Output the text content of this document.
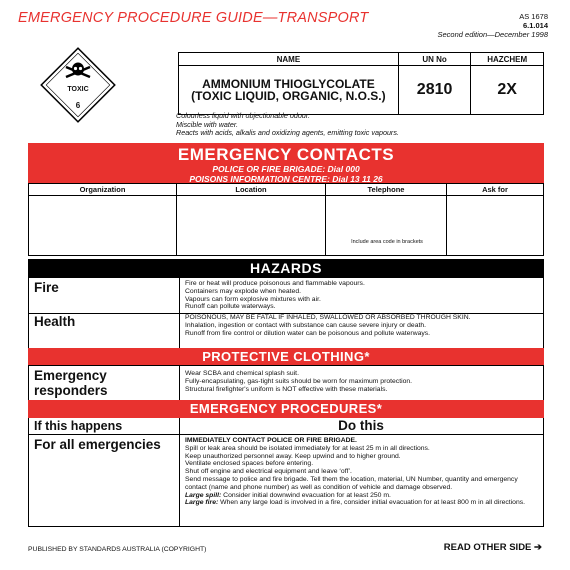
EMERGENCY PROCEDURE GUIDE—TRANSPORT	AS 1678
6.1.014
Second edition—December 1998
TOXIC
6
NAME	UN No	HAZCHEM
AMMONIUM THIOGLYCOLATE (TOXIC LIQUID, ORGANIC, N.O.S.)	2810	2X
Colourless liquid with objectionable odour.
Miscible with water.
Reacts with acids, alkalis and oxidizing agents, emitting toxic vapours.
EMERGENCY CONTACTS
POLICE OR FIRE BRIGADE: Dial 000
POISONS INFORMATION CENTRE: Dial 13 11 26
Organization	Location	Telephone	Ask for
Include area code in brackets
HAZARDS
Fire	Fire or heat will produce poisonous and flammable vapours.
Containers may explode when heated.
Vapours can form explosive mixtures with air.
Runoff can pollute waterways.
Health	POISONOUS, MAY BE FATAL IF INHALED, SWALLOWED OR ABSORBED THROUGH SKIN.
Inhalation, ingestion or contact with substance can cause severe injury or death.
Runoff from fire control or dilution water can be poisonous and pollute waterways.
PROTECTIVE CLOTHING*
Emergency responders
Wear SCBA and chemical splash suit.
Fully-encapsulating, gas-tight suits should be worn for maximum protection.
Structural firefighter's uniform is NOT effective with these materials.
EMERGENCY PROCEDURES*
If this happens	Do this
For all emergencies	IMMEDIATELY CONTACT POLICE OR FIRE BRIGADE.
Spill or leak area should be isolated immediately for at least 25 m in all directions.
Keep unauthorized personnel away. Keep upwind and to higher ground.
Ventilate enclosed spaces before entering.
Shut off engine and electrical equipment and leave ‘off’.
Send message to police and fire brigade. Tell them the location, material, UN Number, quantity and emergency contact (name and phone number) as well as condition of vehicle and damage observed.
Large spill: Consider initial downwind evacuation for at least 250 m.
Large fire: When any large load is involved in a fire, consider initial evacuation for at least 800 m in all directions.
PUBLISHED BY STANDARDS AUSTRALIA (COPYRIGHT)	READ OTHER SIDE ➔
